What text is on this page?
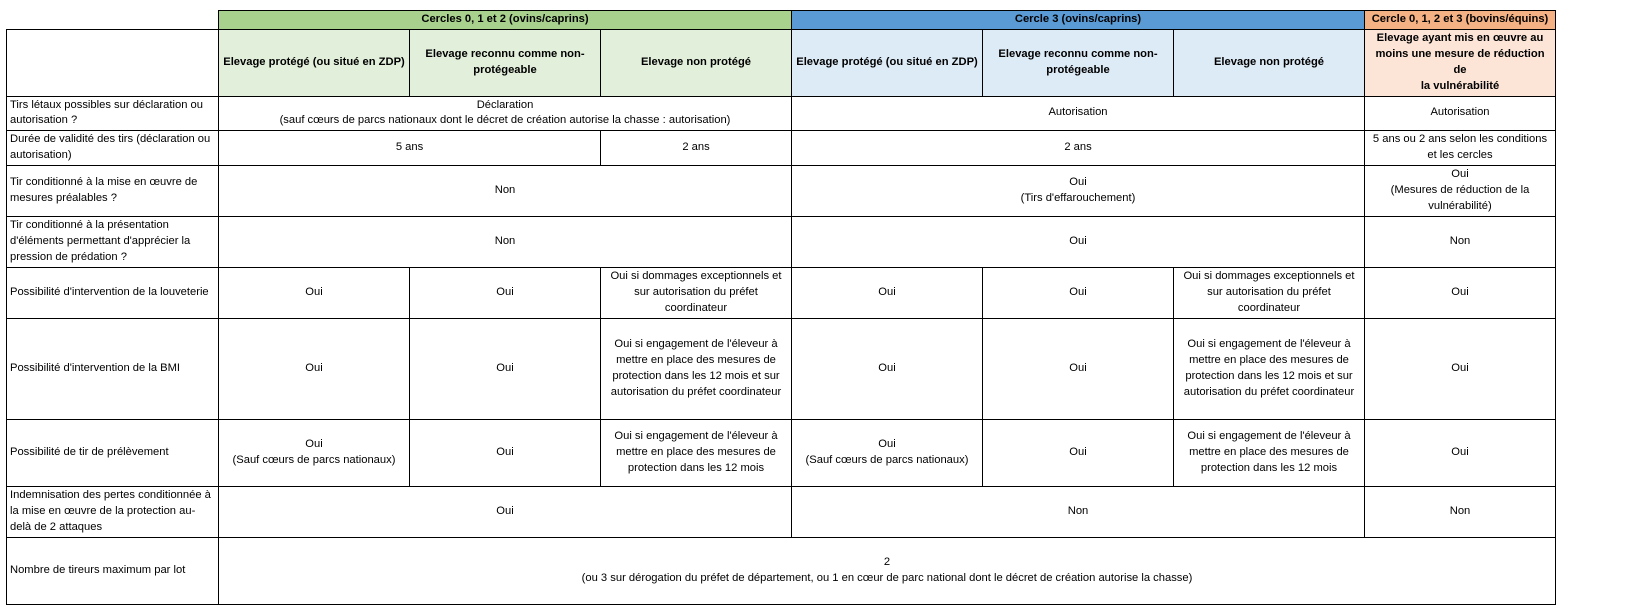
	Cercles 0, 1 et 2 (ovins/caprins)			Cercle 3 (ovins/caprins)			Cercle 0, 1, 2 et 3 (bovins/équins)
	Elevage protégé (ou situé en ZDP)	Elevage reconnu comme non-
protégeable	Elevage non protégé	Elevage protégé (ou situé en ZDP)	Elevage reconnu comme non-
protégeable	Elevage non protégé	Elevage ayant mis en œuvre au
moins une mesure de réduction de
la vulnérabilité
Tirs létaux possibles sur déclaration ou
autorisation ?	Déclaration
(sauf cœurs de parcs nationaux dont le décret de création autorise la chasse : autorisation)			Autorisation			Autorisation
Durée de validité des tirs (déclaration ou
autorisation)	5 ans		2 ans	2 ans			5 ans ou 2 ans selon les conditions
et les cercles
Tir conditionné à la mise en œuvre de
mesures préalables ?	Non			Oui
(Tirs d'effarouchement)			Oui
(Mesures de réduction de la
vulnérabilité)
Tir conditionné à la présentation
d'éléments permettant d'apprécier la
pression de prédation ?	Non			Oui			Non
Possibilité d'intervention de la louveterie	Oui	Oui	Oui si dommages exceptionnels et
sur autorisation du préfet
coordinateur	Oui	Oui	Oui si dommages exceptionnels et
sur autorisation du préfet
coordinateur	Oui
Possibilité d'intervention de la BMI	Oui	Oui	Oui si engagement de l'éleveur à
mettre en place des mesures de
protection dans les 12 mois et sur
autorisation du préfet coordinateur	Oui	Oui	Oui si engagement de l'éleveur à
mettre en place des mesures de
protection dans les 12 mois et sur
autorisation du préfet coordinateur	Oui
Possibilité de tir de prélèvement	Oui
(Sauf cœurs de parcs nationaux)	Oui	Oui si engagement de l'éleveur à
mettre en place des mesures de
protection dans les 12 mois	Oui
(Sauf cœurs de parcs nationaux)	Oui	Oui si engagement de l'éleveur à
mettre en place des mesures de
protection dans les 12 mois	Oui
Indemnisation des pertes conditionnée à
la mise en œuvre de la protection au-
delà de 2 attaques	Oui			Non			Non
Nombre de tireurs maximum par lot	2
(ou 3 sur dérogation du préfet de département, ou 1 en cœur de parc national dont le décret de création autorise la chasse)						
